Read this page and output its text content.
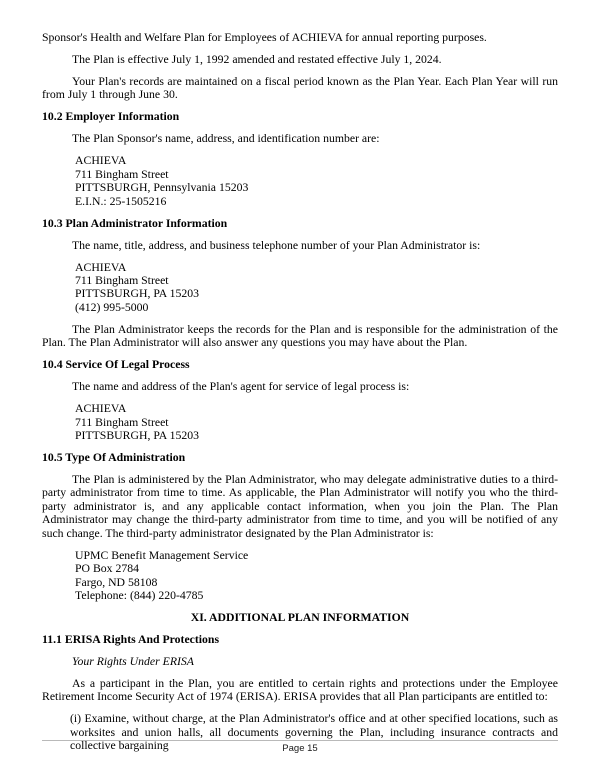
Sponsor's Health and Welfare Plan for Employees of ACHIEVA for annual reporting purposes.

The Plan is effective July 1, 1992 amended and restated effective July 1, 2024.

Your Plan's records are maintained on a fiscal period known as the Plan Year. Each Plan Year will run from July 1 through June 30.

10.2 Employer Information

The Plan Sponsor's name, address, and identification number are:

ACHIEVA
711 Bingham Street
PITTSBURGH, Pennsylvania 15203
E.I.N.: 25-1505216
10.3 Plan Administrator Information

The name, title, address, and business telephone number of your Plan Administrator is:

ACHIEVA
711 Bingham Street
PITTSBURGH, PA 15203
(412) 995-5000

The Plan Administrator keeps the records for the Plan and is responsible for the administration of the Plan. The Plan Administrator will also answer any questions you may have about the Plan.

10.4 Service Of Legal Process

The name and address of the Plan's agent for service of legal process is:

ACHIEVA
711 Bingham Street
PITTSBURGH, PA 15203
10.5 Type Of Administration

The Plan is administered by the Plan Administrator, who may delegate administrative duties to a third-party administrator from time to time. As applicable, the Plan Administrator will notify you who the third-party administrator is, and any applicable contact information, when you join the Plan. The Plan Administrator may change the third-party administrator from time to time, and you will be notified of any such change. The third-party administrator designated by the Plan Administrator is:

UPMC Benefit Management Service
PO Box 2784
Fargo, ND 58108
Telephone: (844) 220-4785
XI. ADDITIONAL PLAN INFORMATION
11.1 ERISA Rights And Protections

Your Rights Under ERISA

As a participant in the Plan, you are entitled to certain rights and protections under the Employee Retirement Income Security Act of 1974 (ERISA). ERISA provides that all Plan participants are entitled to:

(i) Examine, without charge, at the Plan Administrator's office and at other specified locations, such as worksites and union halls, all documents governing the Plan, including insurance contracts and collective bargaining	Page 15
